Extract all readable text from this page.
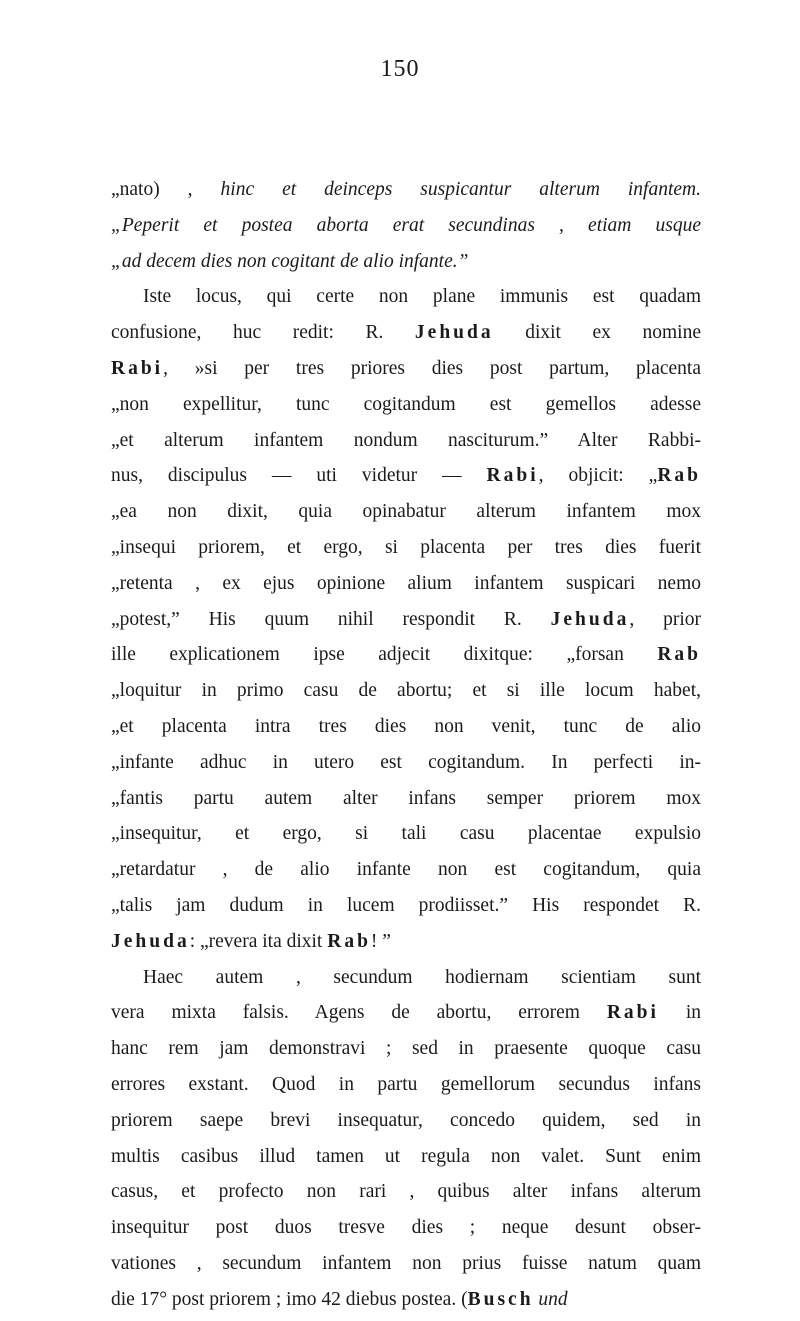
150
„nato) , hinc et deinceps suspicantur alterum infantem.
„Peperit et postea aborta erat secundinas , etiam usque
„ad decem dies non cogitant de alio infante.”
Iste locus, qui certe non plane immunis est quadam
confusione, huc redit: R. Jehuda dixit ex nomine
Rabi, »si per tres priores dies post partum, placenta
„non expellitur, tunc cogitandum est gemellos adesse
„et alterum infantem nondum nasciturum.” Alter Rabbi-
nus, discipulus — uti videtur — Rabi, objicit: „Rab
„ea non dixit, quia opinabatur alterum infantem mox
„insequi priorem, et ergo, si placenta per tres dies fuerit
„retenta , ex ejus opinione alium infantem suspicari nemo
„potest,” His quum nihil respondit R. Jehuda, prior
ille explicationem ipse adjecit dixitque: „forsan Rab
„loquitur in primo casu de abortu; et si ille locum habet,
„et placenta intra tres dies non venit, tunc de alio
„infante adhuc in utero est cogitandum. In perfecti in-
„fantis partu autem alter infans semper priorem mox
„insequitur, et ergo, si tali casu placentae expulsio
„retardatur , de alio infante non est cogitandum, quia
„talis jam dudum in lucem prodiisset.” His respondet R.
Jehuda: „revera ita dixit Rab! ”
Haec autem , secundum hodiernam scientiam sunt
vera mixta falsis. Agens de abortu, errorem Rabi in
hanc rem jam demonstravi ; sed in praesente quoque casu
errores exstant. Quod in partu gemellorum secundus infans
priorem saepe brevi insequatur, concedo quidem, sed in
multis casibus illud tamen ut regula non valet. Sunt enim
casus, et profecto non rari , quibus alter infans alterum
insequitur post duos tresve dies ; neque desunt obser-
vationes , secundum infantem non prius fuisse natum quam
die 17° post priorem ; imo 42 diebus postea. (Busch und
